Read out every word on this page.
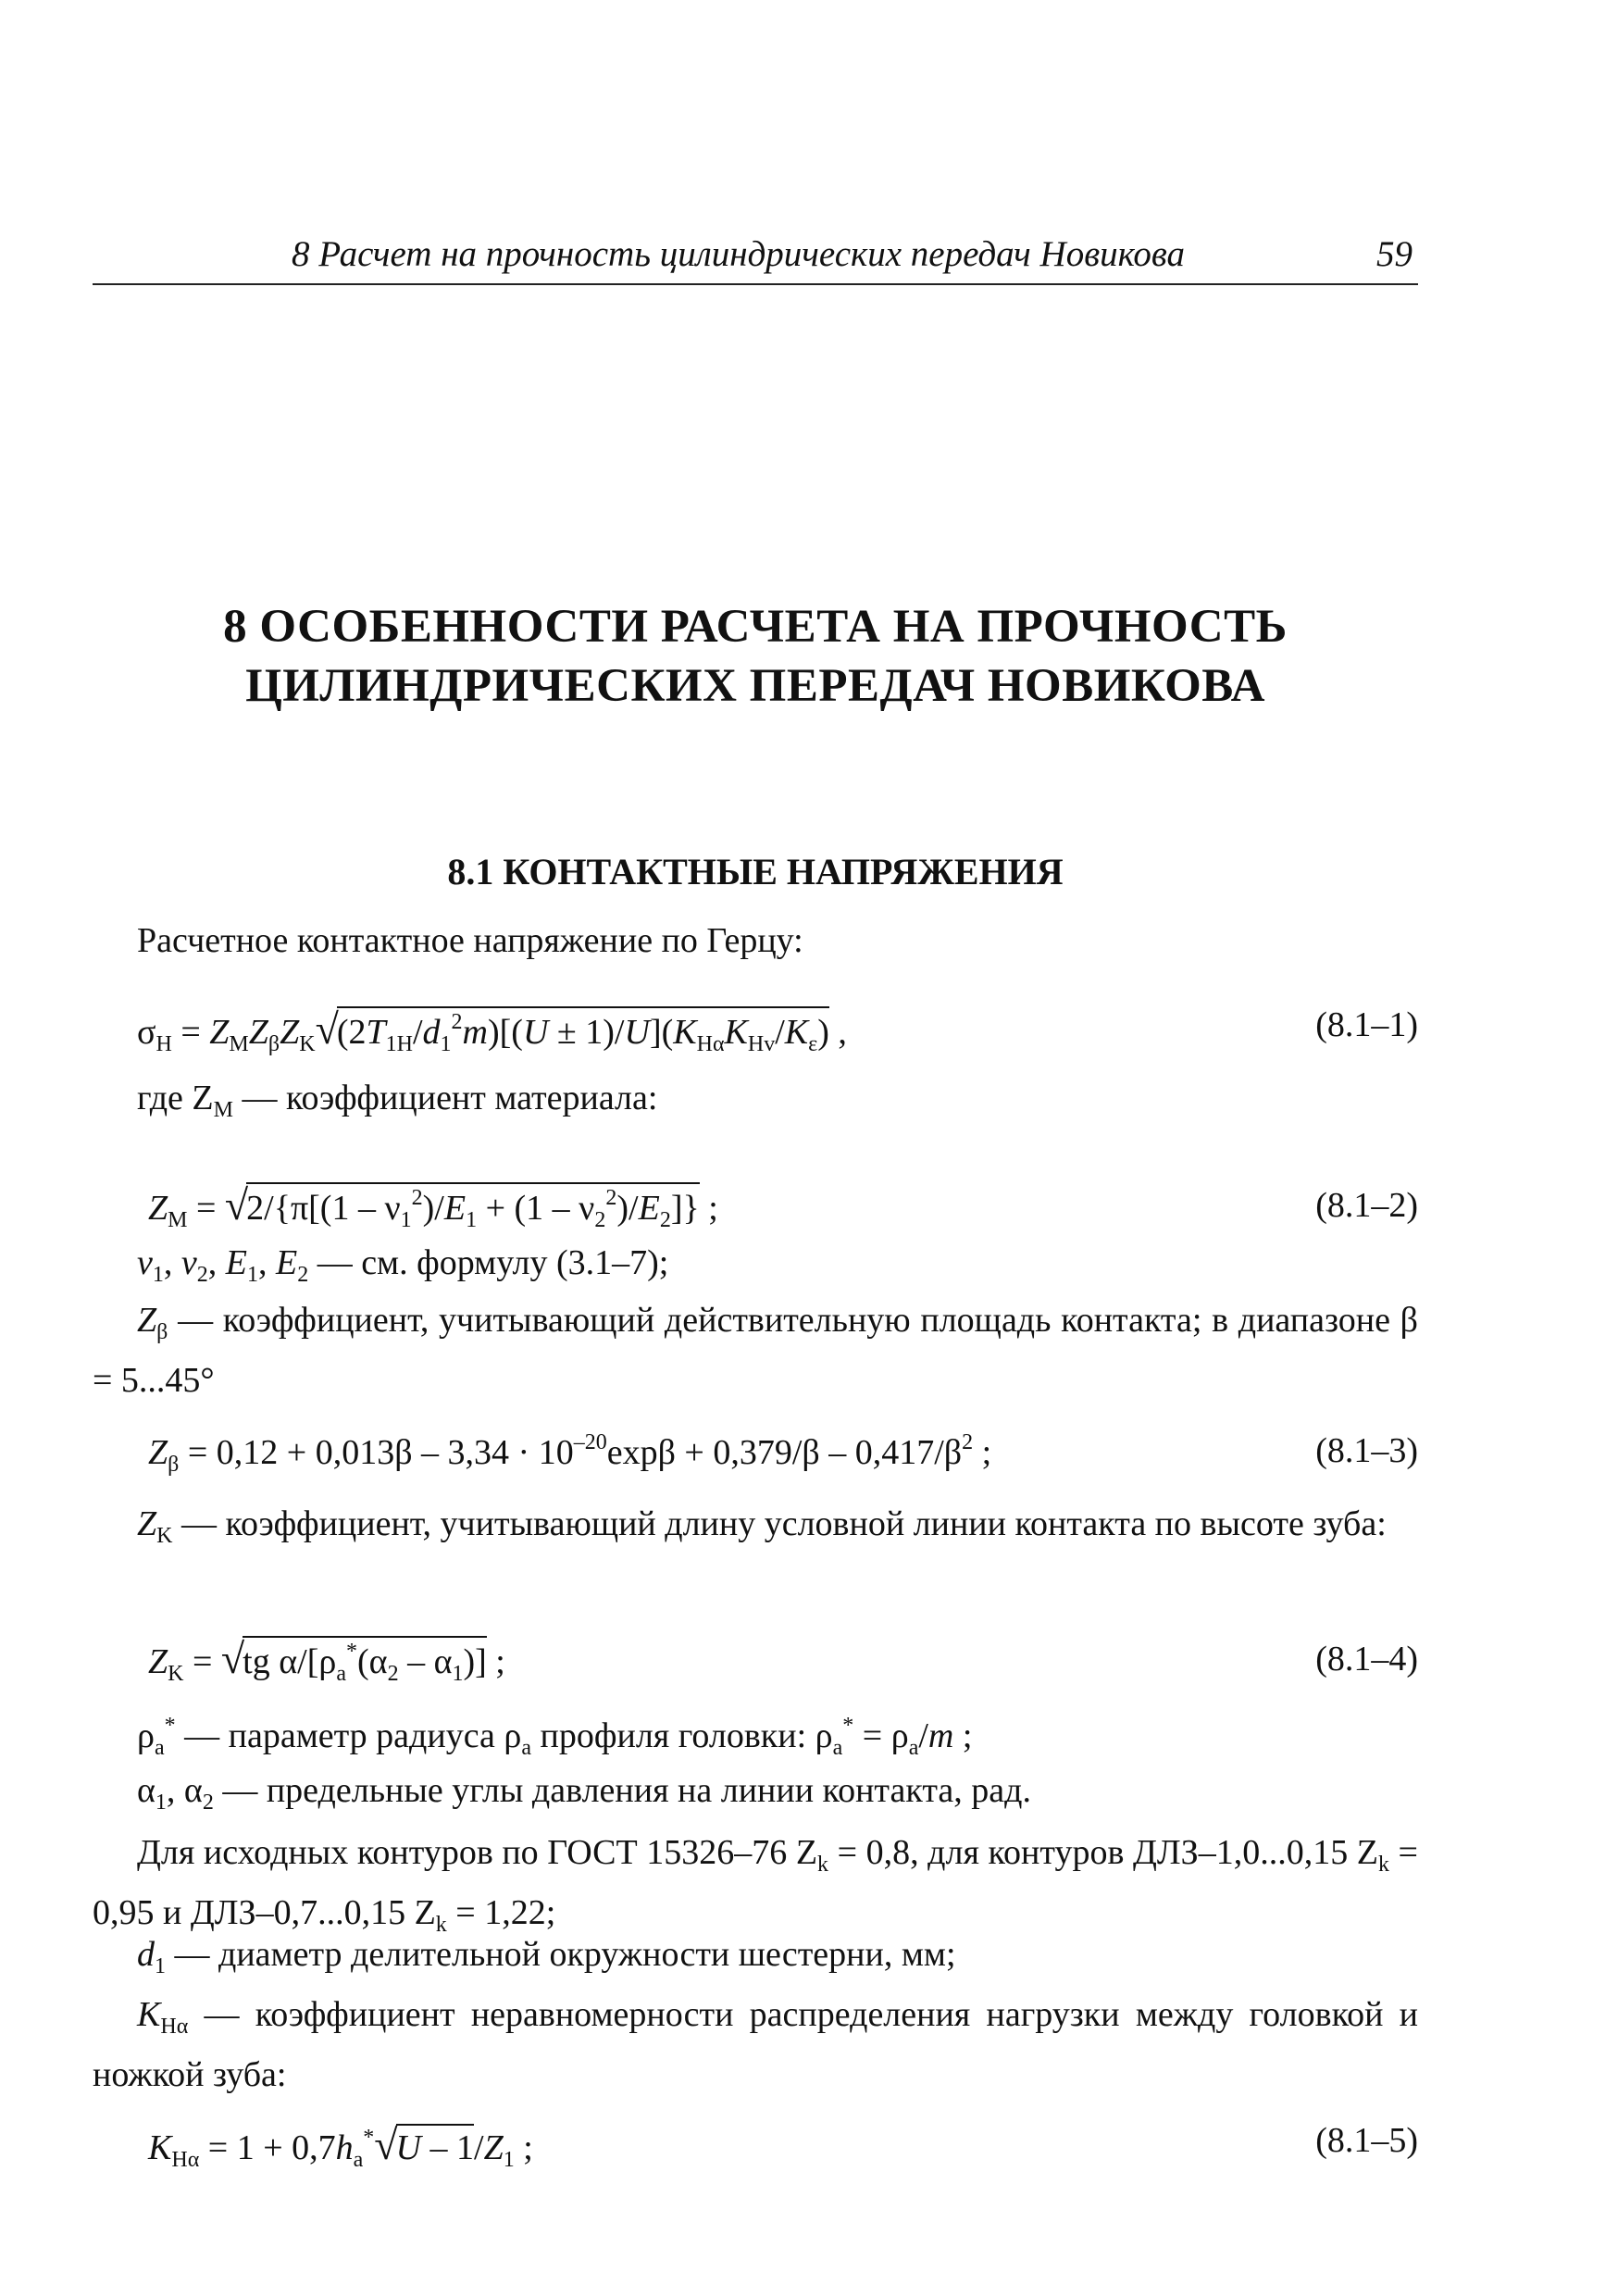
8 Расчет на прочность цилиндрических передач Новикова	59
8 ОСОБЕННОСТИ РАСЧЕТА НА ПРОЧНОСТЬ
ЦИЛИНДРИЧЕСКИХ ПЕРЕДАЧ НОВИКОВА
8.1 КОНТАКТНЫЕ НАПРЯЖЕНИЯ
Расчетное контактное напряжение по Герцу:
$\sigma_H = Z_MZ_\beta Z_K√(2T_{1H}/d_1^2m)[(U \pm 1)/U](K_{H\alpha}K_{Hv}/K_\varepsilon)$ ,	(8.1–1)
где $Z_М$ — коэффициент материала:
$Z_M = √2/\{\pi[(1 - \nu_1^2)/E_1 + (1 - \nu_2^2)/E_2]\}$ ;	(8.1–2)
$\nu_1$, $\nu_2$, $E_1$, $E_2$ — см. формулу (3.1–7);
$Z_\beta$ — коэффициент, учитывающий действительную площадь контакта; в диапазоне β = 5...45°
$Z_\beta = 0,12 + 0,013\beta - 3,34 \cdot 10^{-20}\exp\beta + 0,379/\beta - 0,417/\beta^2$ ;	(8.1–3)
$Z_K$ — коэффициент, учитывающий длину условной линии контакта по высоте зуба:
$Z_K = √tg$ $\alpha/[\rho_a^*(\alpha_2 - \alpha_1)]$ ;	(8.1–4)
$\rho_a^*$ — параметр радиуса $\rho_a$ профиля головки: $\rho_a^* = \rho_a/m$ ;
$\alpha_1$, $\alpha_2$ — предельные углы давления на линии контакта, рад.
Для исходных контуров по ГОСТ 15326–76 $Z_k = 0,8$, для контуров ДЛЗ–1,0...0,15 $Z_k = 0,95$ и ДЛЗ–0,7...0,15 $Z_k = 1,22$;
$d_1$ — диаметр делительной окружности шестерни, мм;
$K_{H\alpha}$ — коэффициент неравномерности распределения нагрузки между головкой и ножкой зуба:
$K_{H\alpha} = 1 + 0,7h_a^*√U - 1/Z_1$ ;	(8.1–5)
